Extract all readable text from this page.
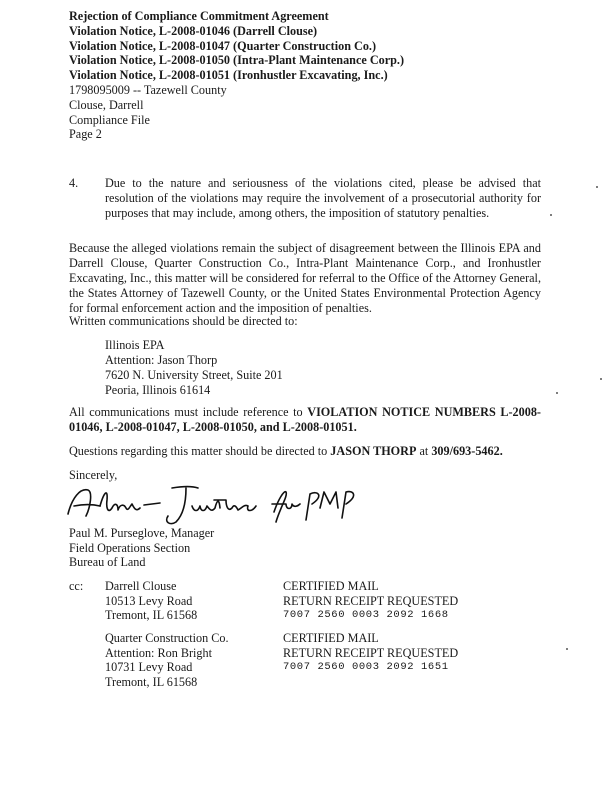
Rejection of Compliance Commitment Agreement
Violation Notice, L-2008-01046 (Darrell Clouse)
Violation Notice, L-2008-01047 (Quarter Construction Co.)
Violation Notice, L-2008-01050 (Intra-Plant Maintenance Corp.)
Violation Notice, L-2008-01051 (Ironhustler Excavating, Inc.)
1798095009 -- Tazewell County
Clouse, Darrell
Compliance File
Page 2
4. Due to the nature and seriousness of the violations cited, please be advised that resolution of the violations may require the involvement of a prosecutorial authority for purposes that may include, among others, the imposition of statutory penalties.
Because the alleged violations remain the subject of disagreement between the Illinois EPA and Darrell Clouse, Quarter Construction Co., Intra-Plant Maintenance Corp., and Ironhustler Excavating, Inc., this matter will be considered for referral to the Office of the Attorney General, the States Attorney of Tazewell County, or the United States Environmental Protection Agency for formal enforcement action and the imposition of penalties.
Written communications should be directed to:
Illinois EPA
Attention: Jason Thorp
7620 N. University Street, Suite 201
Peoria, Illinois 61614
All communications must include reference to VIOLATION NOTICE NUMBERS L-2008-01046, L-2008-01047, L-2008-01050, and L-2008-01051.
Questions regarding this matter should be directed to JASON THORP at 309/693-5462.
Sincerely,
Paul M. Purseglove, Manager
Field Operations Section
Bureau of Land
cc: Darrell Clouse
10513 Levy Road
Tremont, IL 61568
CERTIFIED MAIL
RETURN RECEIPT REQUESTED
7007 2560 0003 2092 1668
Quarter Construction Co.
Attention: Ron Bright
10731 Levy Road
Tremont, IL 61568
CERTIFIED MAIL
RETURN RECEIPT REQUESTED
7007 2560 0003 2092 1651
